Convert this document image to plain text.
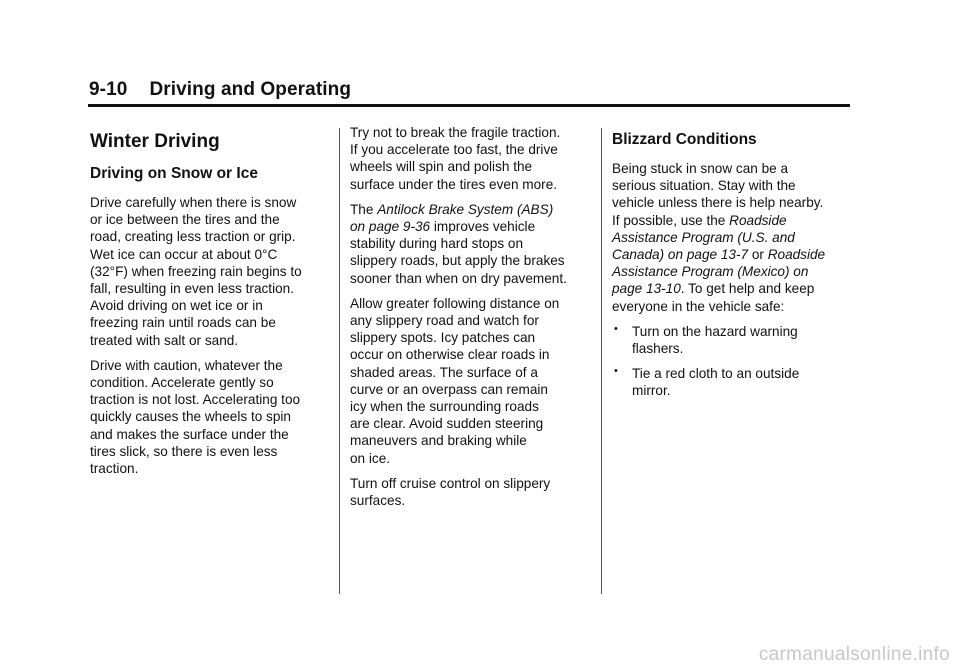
9-10 Driving and Operating
Winter Driving
Driving on Snow or Ice

Drive carefully when there is snow
or ice between the tires and the
road, creating less traction or grip.
Wet ice can occur at about 0°C
(32°F) when freezing rain begins to
fall, resulting in even less traction.
Avoid driving on wet ice or in
freezing rain until roads can be
treated with salt or sand.

Drive with caution, whatever the
condition. Accelerate gently so
traction is not lost. Accelerating too
quickly causes the wheels to spin
and makes the surface under the
tires slick, so there is even less
traction.

Try not to break the fragile traction.
If you accelerate too fast, the drive
wheels will spin and polish the
surface under the tires even more.

The Antilock Brake System (ABS)
on page 9‑36 improves vehicle
stability during hard stops on
slippery roads, but apply the brakes
sooner than when on dry pavement.

Allow greater following distance on
any slippery road and watch for
slippery spots. Icy patches can
occur on otherwise clear roads in
shaded areas. The surface of a
curve or an overpass can remain
icy when the surrounding roads
are clear. Avoid sudden steering
maneuvers and braking while
on ice.

Turn off cruise control on slippery
surfaces.

Blizzard Conditions

Being stuck in snow can be a
serious situation. Stay with the
vehicle unless there is help nearby.
If possible, use the Roadside
Assistance Program (U.S. and
Canada) on page 13‑7 or Roadside
Assistance Program (Mexico) on
page 13‑10. To get help and keep
everyone in the vehicle safe:

• Turn on the hazard warning
flashers.
• Tie a red cloth to an outside
mirror.
carmanualsonline.info
